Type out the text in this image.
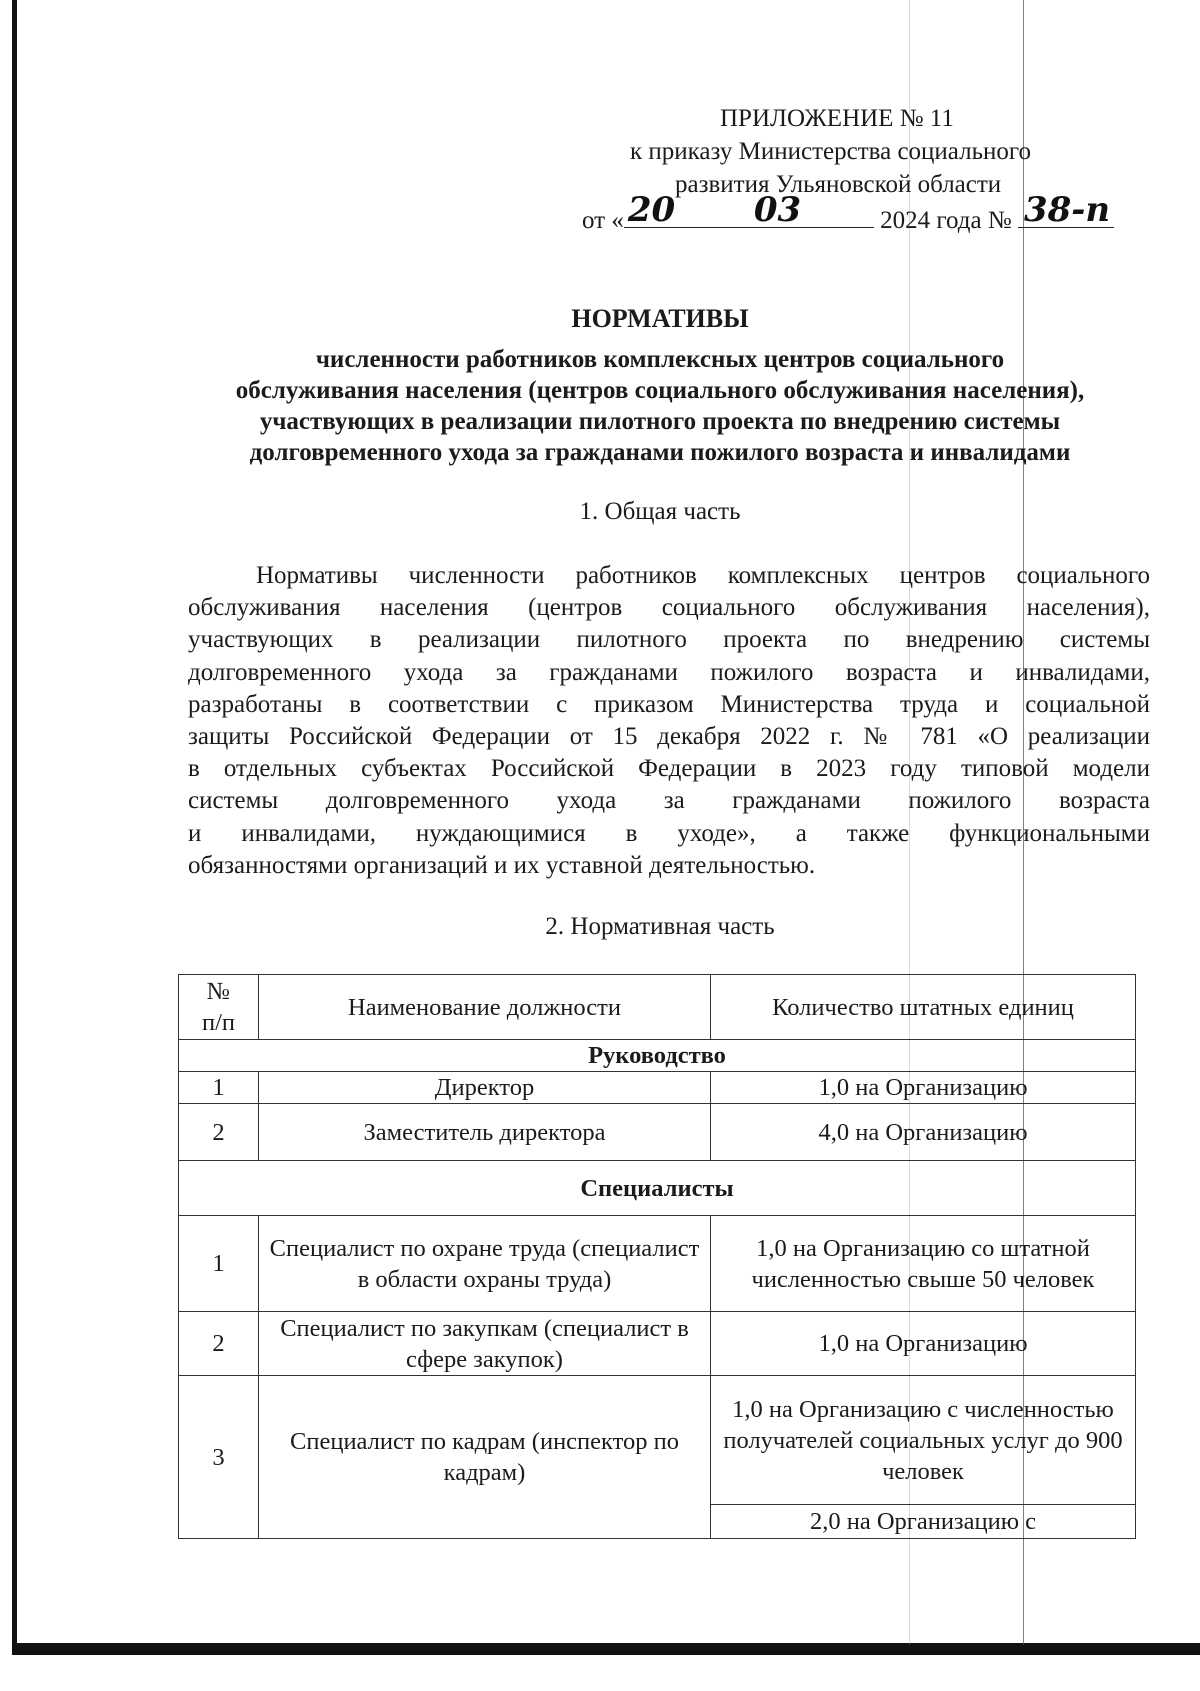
ПРИЛОЖЕНИЕ № 11
к приказу Министерства социального
развития Ульяновской области
от « 20 03	2024 года № 38-п
НОРМАТИВЫ
численности работников комплексных центров социального
обслуживания населения (центров социального обслуживания населения),
участвующих в реализации пилотного проекта по внедрению системы
долговременного ухода за гражданами пожилого возраста и инвалидами
1. Общая часть
Нормативы численности работников комплексных центров социального
обслуживания населения (центров социального обслуживания населения),
участвующих в реализации пилотного проекта по внедрению системы
долговременного ухода за гражданами пожилого возраста и инвалидами,
разработаны в соответствии с приказом Министерства труда и социальной
защиты Российской Федерации от 15 декабря 2022 г. № 781 «О реализации
в отдельных субъектах Российской Федерации в 2023 году типовой модели
системы долговременного ухода за гражданами пожилого возраста
и инвалидами, нуждающимися в уходе», а также функциональными
обязанностями организаций и их уставной деятельностью.
2. Нормативная часть
№
п/п	Наименование должности	Количество штатных единиц
Руководство		
1	Директор	1,0 на Организацию
2	Заместитель директора	4,0 на Организацию
Специалисты		
1	Специалист по охране труда (специалист в области охраны труда)	1,0 на Организацию со штатной численностью свыше 50 человек
2	Специалист по закупкам (специалист в сфере закупок)	1,0 на Организацию
3	Специалист по кадрам (инспектор по кадрам)	1,0 на Организацию с численностью получателей социальных услуг до 900 человек
		2,0 на Организацию с
